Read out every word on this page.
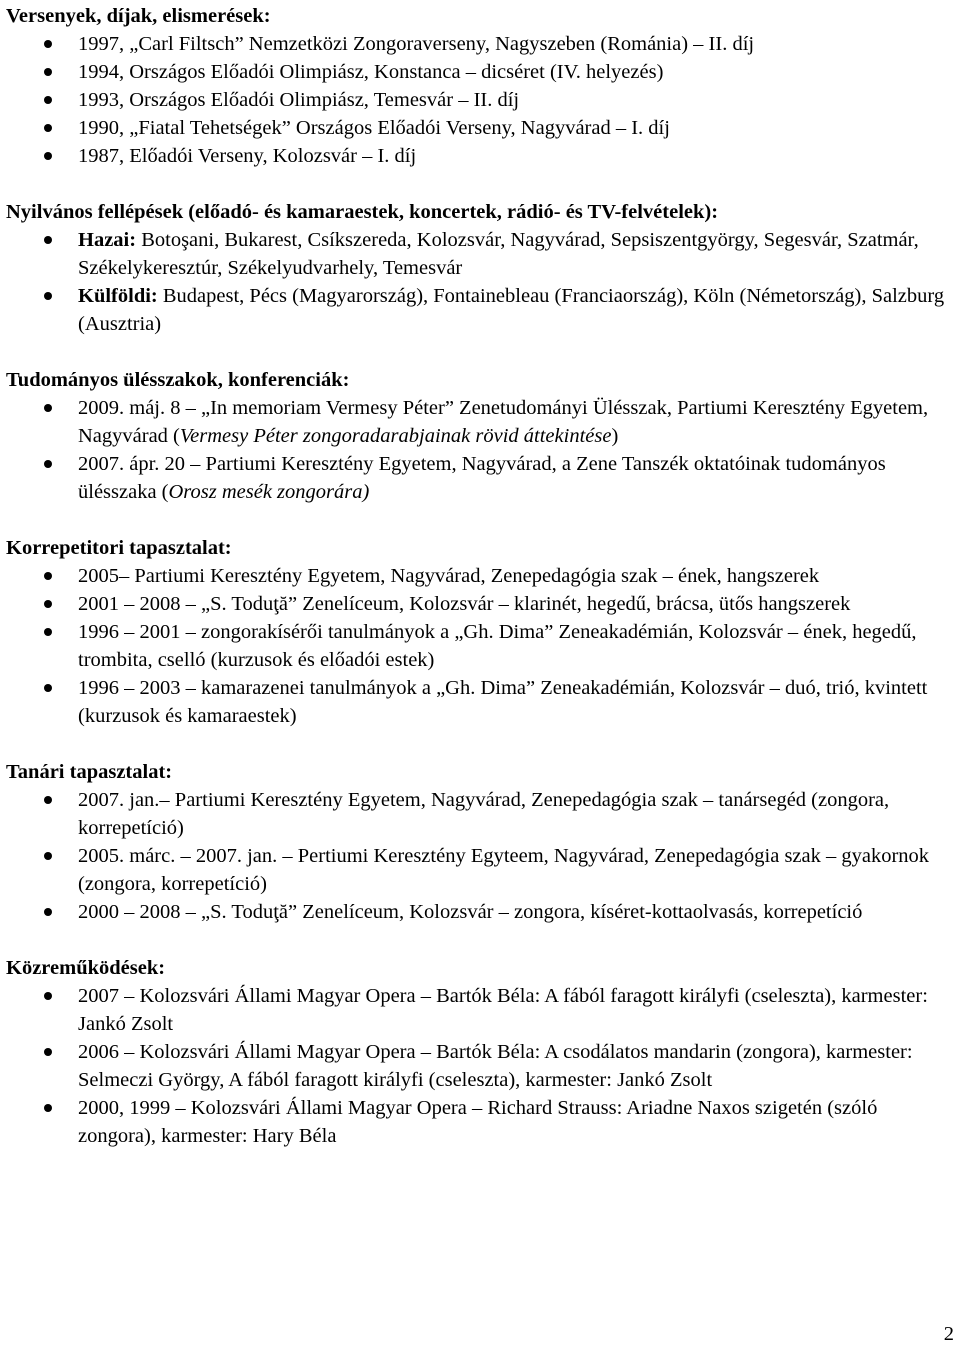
Versenyek, díjak, elismerések:
1997, „Carl Filtsch” Nemzetközi Zongoraverseny, Nagyszeben (Románia) – II. díj
1994, Országos Előadói Olimpiász, Konstanca – dicséret (IV. helyezés)
1993, Országos Előadói Olimpiász, Temesvár – II. díj
1990, „Fiatal Tehetségek” Országos Előadói Verseny, Nagyvárad – I. díj
1987, Előadói Verseny, Kolozsvár – I. díj
Nyilvános fellépések (előadó- és kamaraestek, koncertek, rádió- és TV-felvételek):
Hazai: Botoşani, Bukarest, Csíkszereda, Kolozsvár, Nagyvárad, Sepsiszentgyörgy, Segesvár, Szatmár, Székelykeresztúr, Székelyudvarhely, Temesvár
Külföldi: Budapest, Pécs (Magyarország), Fontainebleau (Franciaország), Köln (Németország), Salzburg (Ausztria)
Tudományos ülésszakok, konferenciák:
2009. máj. 8 – „In memoriam Vermesy Péter” Zenetudományi Ülésszak, Partiumi Keresztény Egyetem, Nagyvárad (Vermesy Péter zongoradarabjainak rövid áttekintése)
2007. ápr. 20 – Partiumi Keresztény Egyetem, Nagyvárad, a Zene Tanszék oktatóinak tudományos ülésszaka (Orosz mesék zongorára)
Korrepetitori tapasztalat:
2005– Partiumi Keresztény Egyetem, Nagyvárad, Zenepedagógia szak – ének, hangszerek
2001 – 2008 – „S. Toduţă” Zenelíceum, Kolozsvár – klarinét, hegedű, brácsa, ütős hangszerek
1996 – 2001 – zongorakísérői tanulmányok a „Gh. Dima” Zeneakadémián, Kolozsvár – ének, hegedű, trombita, cselló (kurzusok és előadói estek)
1996 – 2003 – kamarazenei tanulmányok a „Gh. Dima” Zeneakadémián, Kolozsvár – duó, trió, kvintett (kurzusok és kamaraestek)
Tanári tapasztalat:
2007. jan.– Partiumi Keresztény Egyetem, Nagyvárad, Zenepedagógia szak – tanársegéd (zongora, korrepetíció)
2005. márc. – 2007. jan. – Pertiumi Keresztény Egyteem, Nagyvárad, Zenepedagógia szak – gyakornok (zongora, korrepetíció)
2000 – 2008 – „S. Toduţă” Zenelíceum, Kolozsvár – zongora, kíséret-kottaolvasás, korrepetíció
Közreműködések:
2007 – Kolozsvári Állami Magyar Opera – Bartók Béla: A fából faragott királyfi (cseleszta), karmester: Jankó Zsolt
2006 – Kolozsvári Állami Magyar Opera – Bartók Béla: A csodálatos mandarin (zongora), karmester: Selmeczi György, A fából faragott királyfi (cseleszta), karmester: Jankó Zsolt
2000, 1999 – Kolozsvári Állami Magyar Opera – Richard Strauss: Ariadne Naxos szigetén (szóló zongora), karmester: Hary Béla
2
